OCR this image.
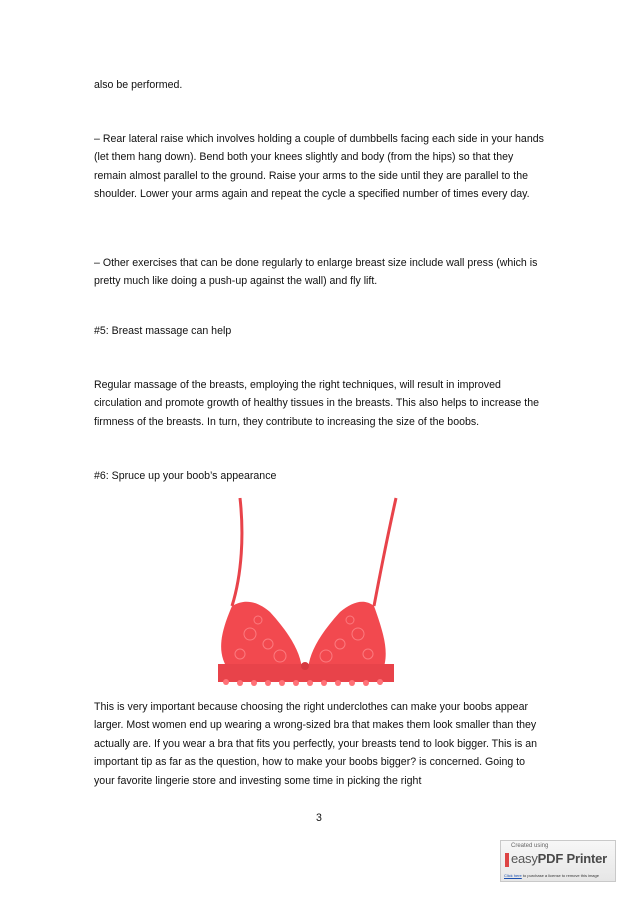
also be performed.

– Rear lateral raise which involves holding a couple of dumbbells facing each side in your hands (let them hang down). Bend both your knees slightly and body (from the hips) so that they remain almost parallel to the ground. Raise your arms to the side until they are parallel to the shoulder. Lower your arms again and repeat the cycle a specified number of times every day.

– Other exercises that can be done regularly to enlarge breast size include wall press (which is pretty much like doing a push-up against the wall) and fly lift.

#5: Breast massage can help

Regular massage of the breasts, employing the right techniques, will result in improved circulation and promote growth of healthy tissues in the breasts. This also helps to increase the firmness of the breasts. In turn, they contribute to increasing the size of the boobs.

#6: Spruce up your boob’s appearance

This is very important because choosing the right underclothes can make your boobs appear larger. Most women end up wearing a wrong-sized bra that makes them look smaller than they actually are. If you wear a bra that fits you perfectly, your breasts tend to look bigger. This is an important tip as far as the question, how to make your boobs bigger? is concerned. Going to your favorite lingerie store and investing some time in picking the right

3
Created using
easyPDF Printer
Click here to purchase a license to remove this image
